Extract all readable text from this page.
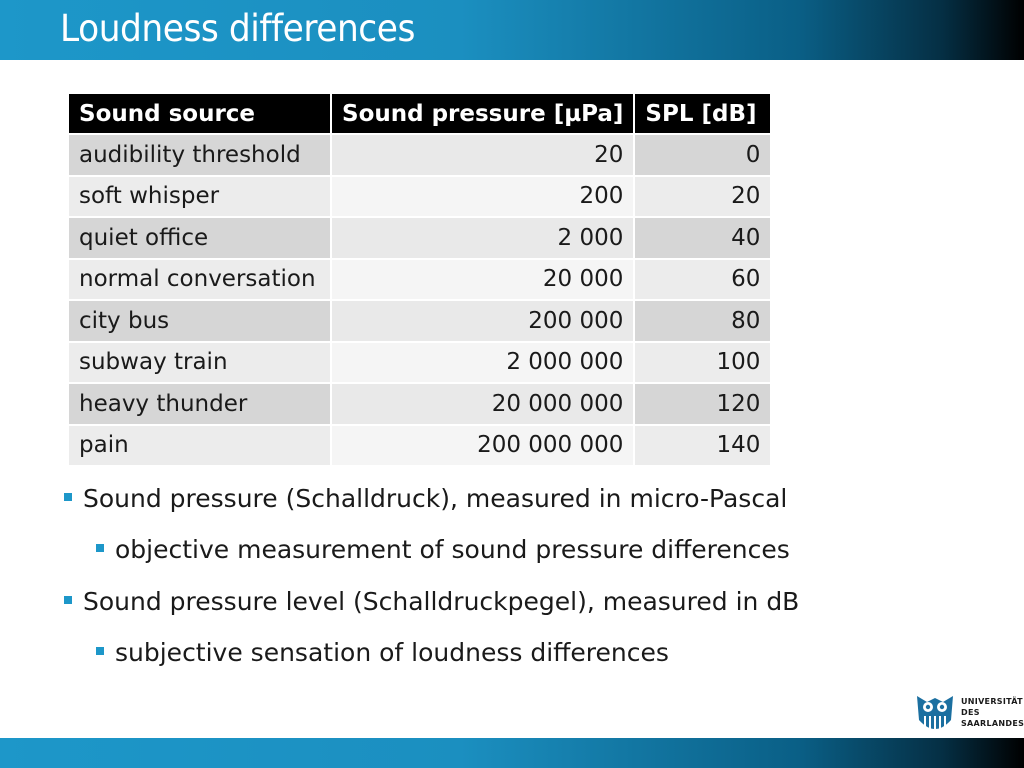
Loudness differences
Sound source	Sound pressure [µPa]	SPL [dB]
audibility threshold	20	0
soft whisper	200	20
quiet office	2 000	40
normal conversation	20 000	60
city bus	200 000	80
subway train	2 000 000	100
heavy thunder	20 000 000	120
pain	200 000 000	140
Sound pressure (Schalldruck), measured in micro-Pascal
objective measurement of sound pressure differences
Sound pressure level (Schalldruckpegel), measured in dB
subjective sensation of loudness differences
UNIVERSITÄT
DES
SAARLANDES
